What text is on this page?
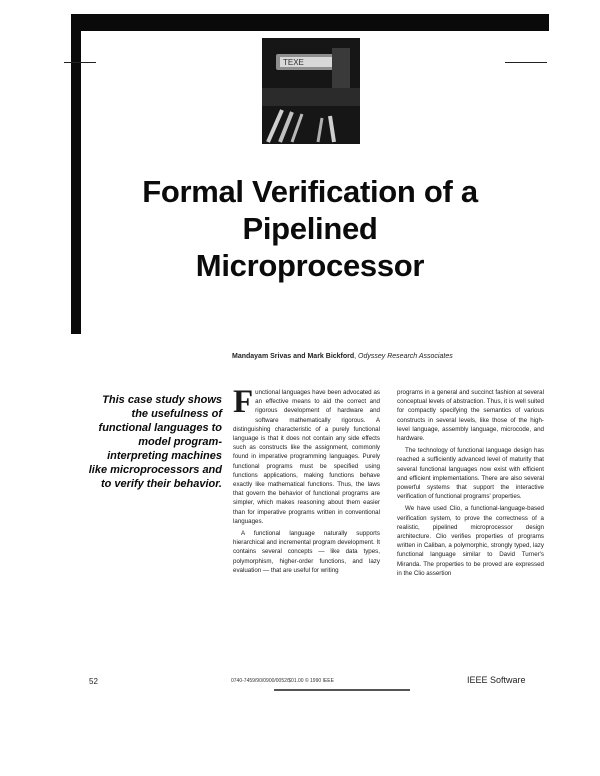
TEXE
Formal Verification of a
Pipelined
Microprocessor
Mandayam Srivas and Mark Bickford, Odyssey Research Associates
This case study shows the usefulness of functional languages to model program-interpreting machines like microprocessors and to verify their behavior.

Functional languages have been advocated as an effective means to aid the correct and rigorous development of hardware and software mathematically rigorous. A distinguishing characteristic of a purely functional language is that it does not contain any side effects such as constructs like the assignment, commonly found in imperative programming languages. Purely functional programs must be specified using functions applications, making functions behave exactly like mathematical functions. Thus, the laws that govern the behavior of functional programs are simpler, which makes reasoning about them easier than for imperative programs written in conventional languages.

A functional language naturally supports hierarchical and incremental program development. It contains several concepts — like data types, polymorphism, higher-order functions, and lazy evaluation — that are useful for writing

programs in a general and succinct fashion at several conceptual levels of abstraction. Thus, it is well suited for compactly specifying the semantics of various constructs in several levels, like those of the high-level language, assembly language, microcode, and hardware.

The technology of functional language design has reached a sufficiently advanced level of maturity that several functional languages now exist with efficient and efficient implementations. There are also several powerful systems that support the interactive verification of functional programs' properties.

We have used Clio, a functional-language-based verification system, to prove the correctness of a realistic, pipelined microprocessor design architecture. Clio verifies properties of programs written in Caliban, a polymorphic, strongly typed, lazy functional language similar to David Turner's Miranda. The properties to be proved are expressed in the Clio assertion

52	0740-7459/90/0900/0052/$01.00 © 1990 IEEE	IEEE Software
